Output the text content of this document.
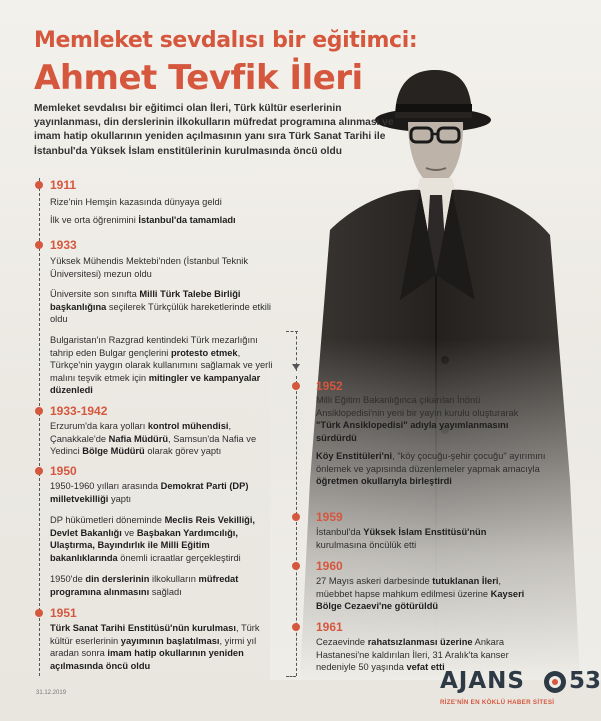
Memleket sevdalısı bir eğitimci:
Ahmet Tevfik İleri
Memleket sevdalısı bir eğitimci olan İleri, Türk kültür eserlerinin yayınlanması, din derslerinin ilkokulların müfredat programına alınması ve imam hatip okullarının yeniden açılmasının yanı sıra Türk Sanat Tarihi ile İstanbul'da Yüksek İslam enstitülerinin kurulmasında öncü oldu
1911
Rize'nin Hemşin kazasında dünyaya geldi
İlk ve orta öğrenimini İstanbul'da tamamladı
1933
Yüksek Mühendis Mektebi'nden (İstanbul Teknik Üniversitesi) mezun oldu
Üniversite son sınıfta Milli Türk Talebe Birliği başkanlığına seçilerek Türkçülük hareketlerinde etkili oldu
Bulgaristan'ın Razgrad kentindeki Türk mezarlığını tahrip eden Bulgar gençlerini protesto etmek, Türkçe'nin yaygın olarak kullanımını sağlamak ve yerli malını teşvik etmek için mitingler ve kampanyalar düzenledi
1933-1942
Erzurum'da kara yolları kontrol mühendisi, Çanakkale'de Nafia Müdürü, Samsun'da Nafia ve Yedinci Bölge Müdürü olarak görev yaptı
1950
1950-1960 yılları arasında Demokrat Parti (DP) milletvekilliği yaptı
DP hükümetleri döneminde Meclis Reis Vekilliği, Devlet Bakanlığı ve Başbakan Yardımcılığı, Ulaştırma, Bayındırlık ile Milli Eğitim bakanlıklarında önemli icraatlar gerçekleştirdi
1950'de din derslerinin ilkokulların müfredat programına alınmasını sağladı
1951
Türk Sanat Tarihi Enstitüsü'nün kurulması, Türk kültür eserlerinin yayımının başlatılması, yirmi yıl aradan sonra imam hatip okullarının yeniden açılmasında öncü oldu
1952
Milli Eğitim Bakanlığınca çıkarılan İnönü Ansiklopedisi'nin yeni bir yayın kurulu oluşturarak "Türk Ansiklopedisi" adıyla yayımlanmasını sürdürdü
Köy Enstitüleri'ni, "köy çocuğu-şehir çocuğu" ayırımını önlemek ve yapısında düzenlemeler yapmak amacıyla öğretmen okullarıyla birleştirdi
1959
İstanbul'da Yüksek İslam Enstitüsü'nün kurulmasına öncülük etti
1960
27 Mayıs askeri darbesinde tutuklanan İleri, müebbet hapse mahkum edilmesi üzerine Kayseri Bölge Cezaevi'ne götürüldü
1961
Cezaevinde rahatsızlanması üzerine Ankara Hastanesi'ne kaldırılan İleri, 31 Aralık'ta kanser nedeniyle 50 yaşında vefat etti
31.12.2019	AJANS 53
RİZE'NİN EN KÖKLÜ HABER SİTESİ
